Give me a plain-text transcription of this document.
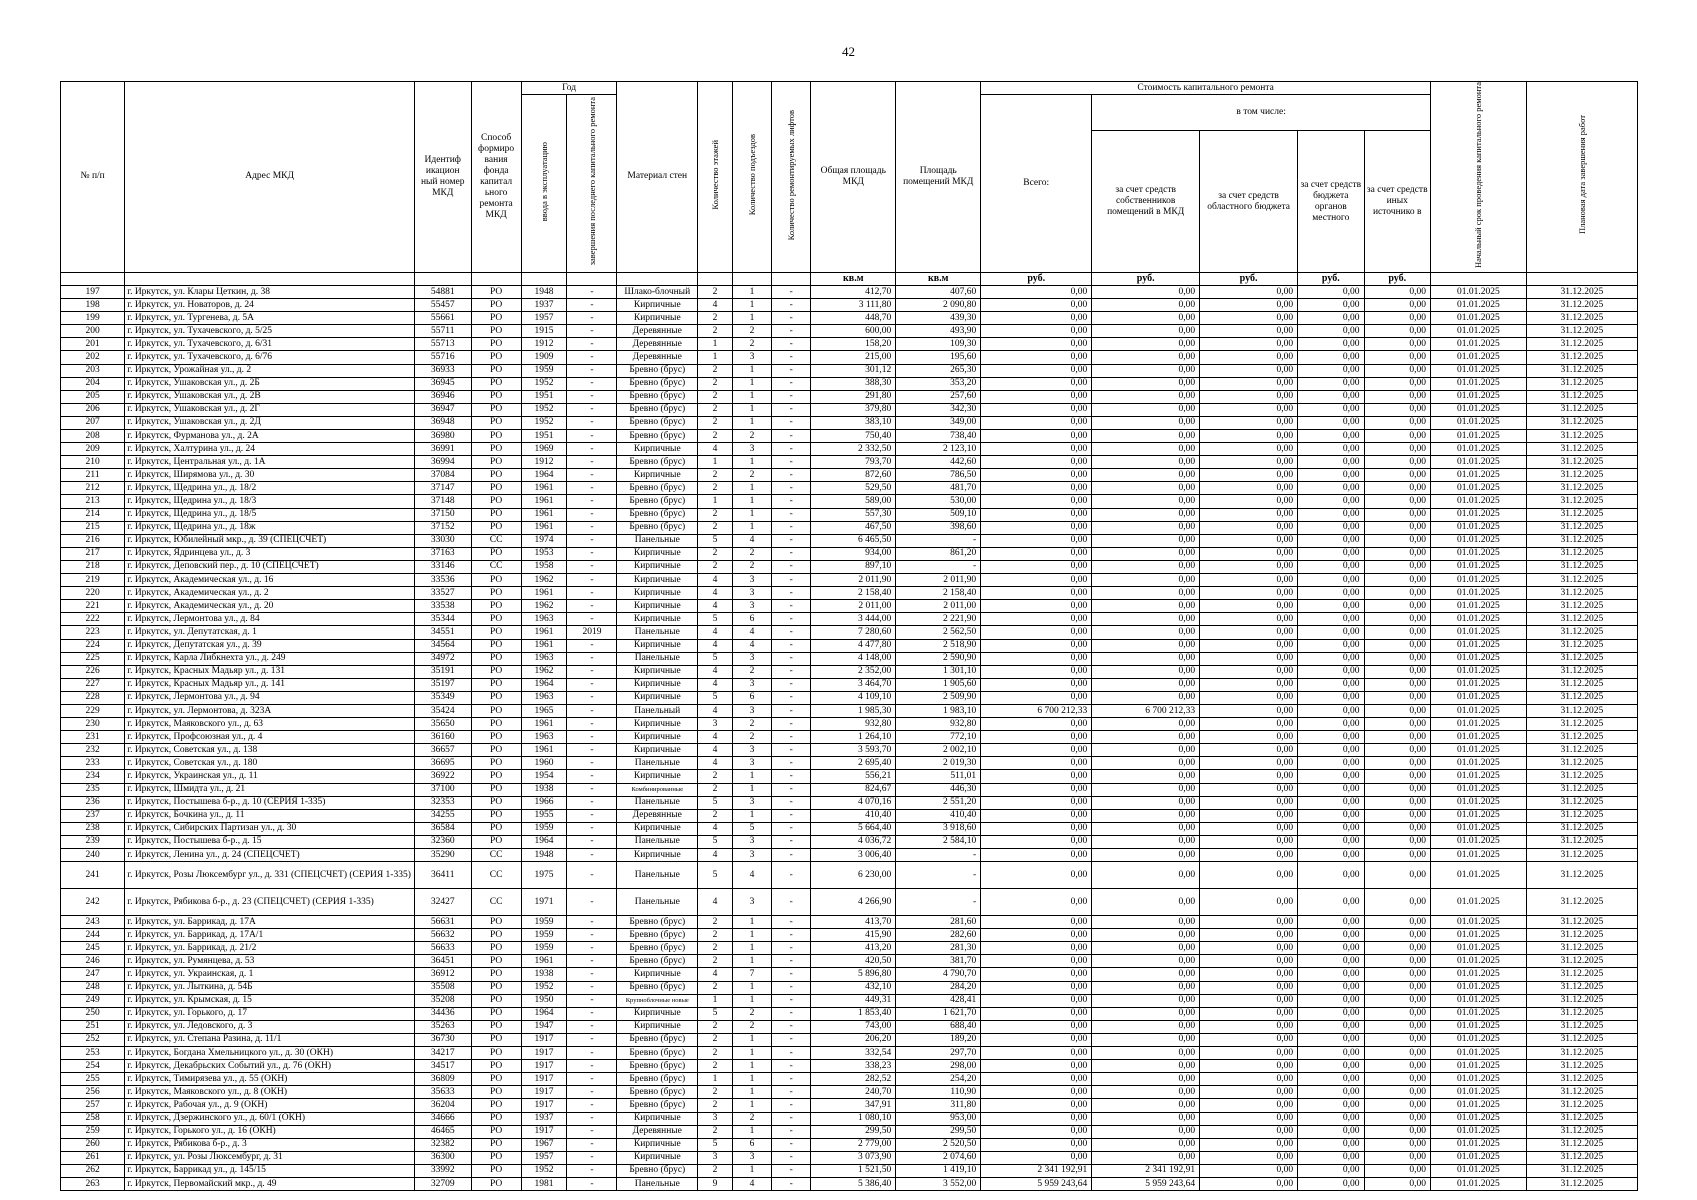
42
№ п/п	Адрес МКД	Идентиф икацион ный номер МКД	Способ формиро вания фонда капитал ьного ремонта МКД	Год		Материал стен	Количество этажей	Количество подъездов	Количество ремонтируемых лифтов	Общая площадь МКД	Площадь помещений МКД	Стоимость капитального ремонта					Начальный срок проведения капитального ремонта	Плановая дата завершения работ
				ввода в эксплуатацию	завершения последнего капитального ремонта							Всего:	в том числе:					
													за счет средств собственников помещений в МКД	за счет средств областного бюджета	за счет средств бюджета органов местного	за счет средств иных источнико в		
										кв.м	кв.м	руб.	руб.	руб.	руб.	руб.		
197	г. Иркутск, ул. Клары Цеткин, д. 38	54881	РО	1948	-	Шлако-блочный	2	1	-	412,70	407,60	0,00	0,00	0,00	0,00	0,00	01.01.2025	31.12.2025
198	г. Иркутск, ул. Новаторов, д. 24	55457	РО	1937	-	Кирпичные	4	1	-	3 111,80	2 090,80	0,00	0,00	0,00	0,00	0,00	01.01.2025	31.12.2025
199	г. Иркутск, ул. Тургенева, д. 5А	55661	РО	1957	-	Кирпичные	2	1	-	448,70	439,30	0,00	0,00	0,00	0,00	0,00	01.01.2025	31.12.2025
200	г. Иркутск, ул. Тухачевского, д. 5/25	55711	РО	1915	-	Деревянные	2	2	-	600,00	493,90	0,00	0,00	0,00	0,00	0,00	01.01.2025	31.12.2025
201	г. Иркутск, ул. Тухачевского, д. 6/31	55713	РО	1912	-	Деревянные	1	2	-	158,20	109,30	0,00	0,00	0,00	0,00	0,00	01.01.2025	31.12.2025
202	г. Иркутск, ул. Тухачевского, д. 6/76	55716	РО	1909	-	Деревянные	1	3	-	215,00	195,60	0,00	0,00	0,00	0,00	0,00	01.01.2025	31.12.2025
203	г. Иркутск, Урожайная ул., д. 2	36933	РО	1959	-	Бревно (брус)	2	1	-	301,12	265,30	0,00	0,00	0,00	0,00	0,00	01.01.2025	31.12.2025
204	г. Иркутск, Ушаковская ул., д. 2Б	36945	РО	1952	-	Бревно (брус)	2	1	-	388,30	353,20	0,00	0,00	0,00	0,00	0,00	01.01.2025	31.12.2025
205	г. Иркутск, Ушаковская ул., д. 2В	36946	РО	1951	-	Бревно (брус)	2	1	-	291,80	257,60	0,00	0,00	0,00	0,00	0,00	01.01.2025	31.12.2025
206	г. Иркутск, Ушаковская ул., д. 2Г	36947	РО	1952	-	Бревно (брус)	2	1	-	379,80	342,30	0,00	0,00	0,00	0,00	0,00	01.01.2025	31.12.2025
207	г. Иркутск, Ушаковская ул., д. 2Д	36948	РО	1952	-	Бревно (брус)	2	1	-	383,10	349,00	0,00	0,00	0,00	0,00	0,00	01.01.2025	31.12.2025
208	г. Иркутск, Фурманова ул., д. 2А	36980	РО	1951	-	Бревно (брус)	2	2	-	750,40	738,40	0,00	0,00	0,00	0,00	0,00	01.01.2025	31.12.2025
209	г. Иркутск, Халтурина ул., д. 24	36991	РО	1969	-	Кирпичные	4	3	-	2 332,50	2 123,10	0,00	0,00	0,00	0,00	0,00	01.01.2025	31.12.2025
210	г. Иркутск, Центральная ул., д. 1А	36994	РО	1912	-	Бревно (брус)	1	1	-	793,70	442,60	0,00	0,00	0,00	0,00	0,00	01.01.2025	31.12.2025
211	г. Иркутск, Ширямова ул., д. 30	37084	РО	1964	-	Кирпичные	2	2	-	872,60	786,50	0,00	0,00	0,00	0,00	0,00	01.01.2025	31.12.2025
212	г. Иркутск, Щедрина ул., д. 18/2	37147	РО	1961	-	Бревно (брус)	2	1	-	529,50	481,70	0,00	0,00	0,00	0,00	0,00	01.01.2025	31.12.2025
213	г. Иркутск, Щедрина ул., д. 18/3	37148	РО	1961	-	Бревно (брус)	1	1	-	589,00	530,00	0,00	0,00	0,00	0,00	0,00	01.01.2025	31.12.2025
214	г. Иркутск, Щедрина ул., д. 18/5	37150	РО	1961	-	Бревно (брус)	2	1	-	557,30	509,10	0,00	0,00	0,00	0,00	0,00	01.01.2025	31.12.2025
215	г. Иркутск, Щедрина ул., д. 18ж	37152	РО	1961	-	Бревно (брус)	2	1	-	467,50	398,60	0,00	0,00	0,00	0,00	0,00	01.01.2025	31.12.2025
216	г. Иркутск, Юбилейный мкр., д. 39 (СПЕЦСЧЕТ)	33030	СС	1974	-	Панельные	5	4	-	6 465,50	-	0,00	0,00	0,00	0,00	0,00	01.01.2025	31.12.2025
217	г. Иркутск, Ядринцева ул., д. 3	37163	РО	1953	-	Кирпичные	2	2	-	934,00	861,20	0,00	0,00	0,00	0,00	0,00	01.01.2025	31.12.2025
218	г. Иркутск, Деповский пер., д. 10 (СПЕЦСЧЕТ)	33146	СС	1958	-	Кирпичные	2	2	-	897,10	-	0,00	0,00	0,00	0,00	0,00	01.01.2025	31.12.2025
219	г. Иркутск, Академическая ул., д. 16	33536	РО	1962	-	Кирпичные	4	3	-	2 011,90	2 011,90	0,00	0,00	0,00	0,00	0,00	01.01.2025	31.12.2025
220	г. Иркутск, Академическая ул., д. 2	33527	РО	1961	-	Кирпичные	4	3	-	2 158,40	2 158,40	0,00	0,00	0,00	0,00	0,00	01.01.2025	31.12.2025
221	г. Иркутск, Академическая ул., д. 20	33538	РО	1962	-	Кирпичные	4	3	-	2 011,00	2 011,00	0,00	0,00	0,00	0,00	0,00	01.01.2025	31.12.2025
222	г. Иркутск, Лермонтова ул., д. 84	35344	РО	1963	-	Кирпичные	5	6	-	3 444,00	2 221,90	0,00	0,00	0,00	0,00	0,00	01.01.2025	31.12.2025
223	г. Иркутск, ул. Депутатская, д. 1	34551	РО	1961	2019	Панельные	4	4	-	7 280,60	2 562,50	0,00	0,00	0,00	0,00	0,00	01.01.2025	31.12.2025
224	г. Иркутск, Депутатская ул., д. 39	34564	РО	1961	-	Кирпичные	4	4	-	4 477,80	2 518,90	0,00	0,00	0,00	0,00	0,00	01.01.2025	31.12.2025
225	г. Иркутск, Карла Либкнехта ул., д. 249	34972	РО	1963	-	Панельные	5	3	-	4 148,00	2 590,90	0,00	0,00	0,00	0,00	0,00	01.01.2025	31.12.2025
226	г. Иркутск, Красных Мадьяр ул., д. 131	35191	РО	1962	-	Кирпичные	4	2	-	2 352,00	1 301,10	0,00	0,00	0,00	0,00	0,00	01.01.2025	31.12.2025
227	г. Иркутск, Красных Мадьяр ул., д. 141	35197	РО	1964	-	Кирпичные	4	3	-	3 464,70	1 905,60	0,00	0,00	0,00	0,00	0,00	01.01.2025	31.12.2025
228	г. Иркутск, Лермонтова ул., д. 94	35349	РО	1963	-	Кирпичные	5	6	-	4 109,10	2 509,90	0,00	0,00	0,00	0,00	0,00	01.01.2025	31.12.2025
229	г. Иркутск, ул. Лермонтова, д. 323А	35424	РО	1965	-	Панельный	4	3	-	1 985,30	1 983,10	6 700 212,33	6 700 212,33	0,00	0,00	0,00	01.01.2025	31.12.2025
230	г. Иркутск, Маяковского ул., д. 63	35650	РО	1961	-	Кирпичные	3	2	-	932,80	932,80	0,00	0,00	0,00	0,00	0,00	01.01.2025	31.12.2025
231	г. Иркутск, Профсоюзная ул., д. 4	36160	РО	1963	-	Кирпичные	4	2	-	1 264,10	772,10	0,00	0,00	0,00	0,00	0,00	01.01.2025	31.12.2025
232	г. Иркутск, Советская ул., д. 138	36657	РО	1961	-	Кирпичные	4	3	-	3 593,70	2 002,10	0,00	0,00	0,00	0,00	0,00	01.01.2025	31.12.2025
233	г. Иркутск, Советская ул., д. 180	36695	РО	1960	-	Панельные	4	3	-	2 695,40	2 019,30	0,00	0,00	0,00	0,00	0,00	01.01.2025	31.12.2025
234	г. Иркутск, Украинская ул., д. 11	36922	РО	1954	-	Кирпичные	2	1	-	556,21	511,01	0,00	0,00	0,00	0,00	0,00	01.01.2025	31.12.2025
235	г. Иркутск, Шмидта ул., д. 21	37100	РО	1938	-	Комбинированные	2	1	-	824,67	446,30	0,00	0,00	0,00	0,00	0,00	01.01.2025	31.12.2025
236	г. Иркутск, Постышева б-р., д. 10 (СЕРИЯ 1-335)	32353	РО	1966	-	Панельные	5	3	-	4 070,16	2 551,20	0,00	0,00	0,00	0,00	0,00	01.01.2025	31.12.2025
237	г. Иркутск, Бочкина ул., д. 11	34255	РО	1955	-	Деревянные	2	1	-	410,40	410,40	0,00	0,00	0,00	0,00	0,00	01.01.2025	31.12.2025
238	г. Иркутск, Сибирских Партизан ул., д. 30	36584	РО	1959	-	Кирпичные	4	5	-	5 664,40	3 918,60	0,00	0,00	0,00	0,00	0,00	01.01.2025	31.12.2025
239	г. Иркутск, Постышева б-р., д. 15	32360	РО	1964	-	Панельные	5	3	-	4 036,72	2 584,10	0,00	0,00	0,00	0,00	0,00	01.01.2025	31.12.2025
240	г. Иркутск, Ленина ул., д. 24 (СПЕЦСЧЕТ)	35290	СС	1948	-	Кирпичные	4	3	-	3 006,40	-	0,00	0,00	0,00	0,00	0,00	01.01.2025	31.12.2025
241	г. Иркутск, Розы Люксембург ул., д. 331 (СПЕЦСЧЕТ) (СЕРИЯ 1-335)	36411	СС	1975	-	Панельные	5	4	-	6 230,00	-	0,00	0,00	0,00	0,00	0,00	01.01.2025	31.12.2025
242	г. Иркутск, Рябикова б-р., д. 23 (СПЕЦСЧЕТ) (СЕРИЯ 1-335)	32427	СС	1971	-	Панельные	4	3	-	4 266,90	-	0,00	0,00	0,00	0,00	0,00	01.01.2025	31.12.2025
243	г. Иркутск, ул. Баррикад, д. 17А	56631	РО	1959	-	Бревно (брус)	2	1	-	413,70	281,60	0,00	0,00	0,00	0,00	0,00	01.01.2025	31.12.2025
244	г. Иркутск, ул. Баррикад, д. 17А/1	56632	РО	1959	-	Бревно (брус)	2	1	-	415,90	282,60	0,00	0,00	0,00	0,00	0,00	01.01.2025	31.12.2025
245	г. Иркутск, ул. Баррикад, д. 21/2	56633	РО	1959	-	Бревно (брус)	2	1	-	413,20	281,30	0,00	0,00	0,00	0,00	0,00	01.01.2025	31.12.2025
246	г. Иркутск, ул. Румянцева, д. 53	36451	РО	1961	-	Бревно (брус)	2	1	-	420,50	381,70	0,00	0,00	0,00	0,00	0,00	01.01.2025	31.12.2025
247	г. Иркутск, ул. Украинская, д. 1	36912	РО	1938	-	Кирпичные	4	7	-	5 896,80	4 790,70	0,00	0,00	0,00	0,00	0,00	01.01.2025	31.12.2025
248	г. Иркутск, ул. Лыткина, д. 54Б	35508	РО	1952	-	Бревно (брус)	2	1	-	432,10	284,20	0,00	0,00	0,00	0,00	0,00	01.01.2025	31.12.2025
249	г. Иркутск, ул. Крымская, д. 15	35208	РО	1950	-	Крупноблочные новые	1	1	-	449,31	428,41	0,00	0,00	0,00	0,00	0,00	01.01.2025	31.12.2025
250	г. Иркутск, ул. Горького, д. 17	34436	РО	1964	-	Кирпичные	5	2	-	1 853,40	1 621,70	0,00	0,00	0,00	0,00	0,00	01.01.2025	31.12.2025
251	г. Иркутск, ул. Ледовского, д. 3	35263	РО	1947	-	Кирпичные	2	2	-	743,00	688,40	0,00	0,00	0,00	0,00	0,00	01.01.2025	31.12.2025
252	г. Иркутск, ул. Степана Разина, д. 11/1	36730	РО	1917	-	Бревно (брус)	2	1	-	206,20	189,20	0,00	0,00	0,00	0,00	0,00	01.01.2025	31.12.2025
253	г. Иркутск, Богдана Хмельницкого ул., д. 30 (ОКН)	34217	РО	1917	-	Бревно (брус)	2	1	-	332,54	297,70	0,00	0,00	0,00	0,00	0,00	01.01.2025	31.12.2025
254	г. Иркутск, Декабрьских Событий ул., д. 76 (ОКН)	34517	РО	1917	-	Бревно (брус)	2	1	-	338,23	298,00	0,00	0,00	0,00	0,00	0,00	01.01.2025	31.12.2025
255	г. Иркутск, Тимирязева ул., д. 55 (ОКН)	36809	РО	1917	-	Бревно (брус)	1	1	-	282,52	254,20	0,00	0,00	0,00	0,00	0,00	01.01.2025	31.12.2025
256	г. Иркутск, Маяковского ул., д. 8 (ОКН)	35633	РО	1917	-	Бревно (брус)	2	1	-	240,70	110,90	0,00	0,00	0,00	0,00	0,00	01.01.2025	31.12.2025
257	г. Иркутск, Рабочая ул., д. 9 (ОКН)	36204	РО	1917	-	Бревно (брус)	2	1	-	347,91	311,80	0,00	0,00	0,00	0,00	0,00	01.01.2025	31.12.2025
258	г. Иркутск, Дзержинского ул., д. 60/1 (ОКН)	34666	РО	1937	-	Кирпичные	3	2	-	1 080,10	953,00	0,00	0,00	0,00	0,00	0,00	01.01.2025	31.12.2025
259	г. Иркутск, Горького ул., д. 16 (ОКН)	46465	РО	1917	-	Деревянные	2	1	-	299,50	299,50	0,00	0,00	0,00	0,00	0,00	01.01.2025	31.12.2025
260	г. Иркутск, Рябикова б-р., д. 3	32382	РО	1967	-	Кирпичные	5	6	-	2 779,00	2 520,50	0,00	0,00	0,00	0,00	0,00	01.01.2025	31.12.2025
261	г. Иркутск, ул. Розы Люксембург, д. 31	36300	РО	1957	-	Кирпичные	3	3	-	3 073,90	2 074,60	0,00	0,00	0,00	0,00	0,00	01.01.2025	31.12.2025
262	г. Иркутск, Баррикад ул., д. 145/15	33992	РО	1952	-	Бревно (брус)	2	1	-	1 521,50	1 419,10	2 341 192,91	2 341 192,91	0,00	0,00	0,00	01.01.2025	31.12.2025
263	г. Иркутск, Первомайский мкр., д. 49	32709	РО	1981	-	Панельные	9	4	-	5 386,40	3 552,00	5 959 243,64	5 959 243,64	0,00	0,00	0,00	01.01.2025	31.12.2025
